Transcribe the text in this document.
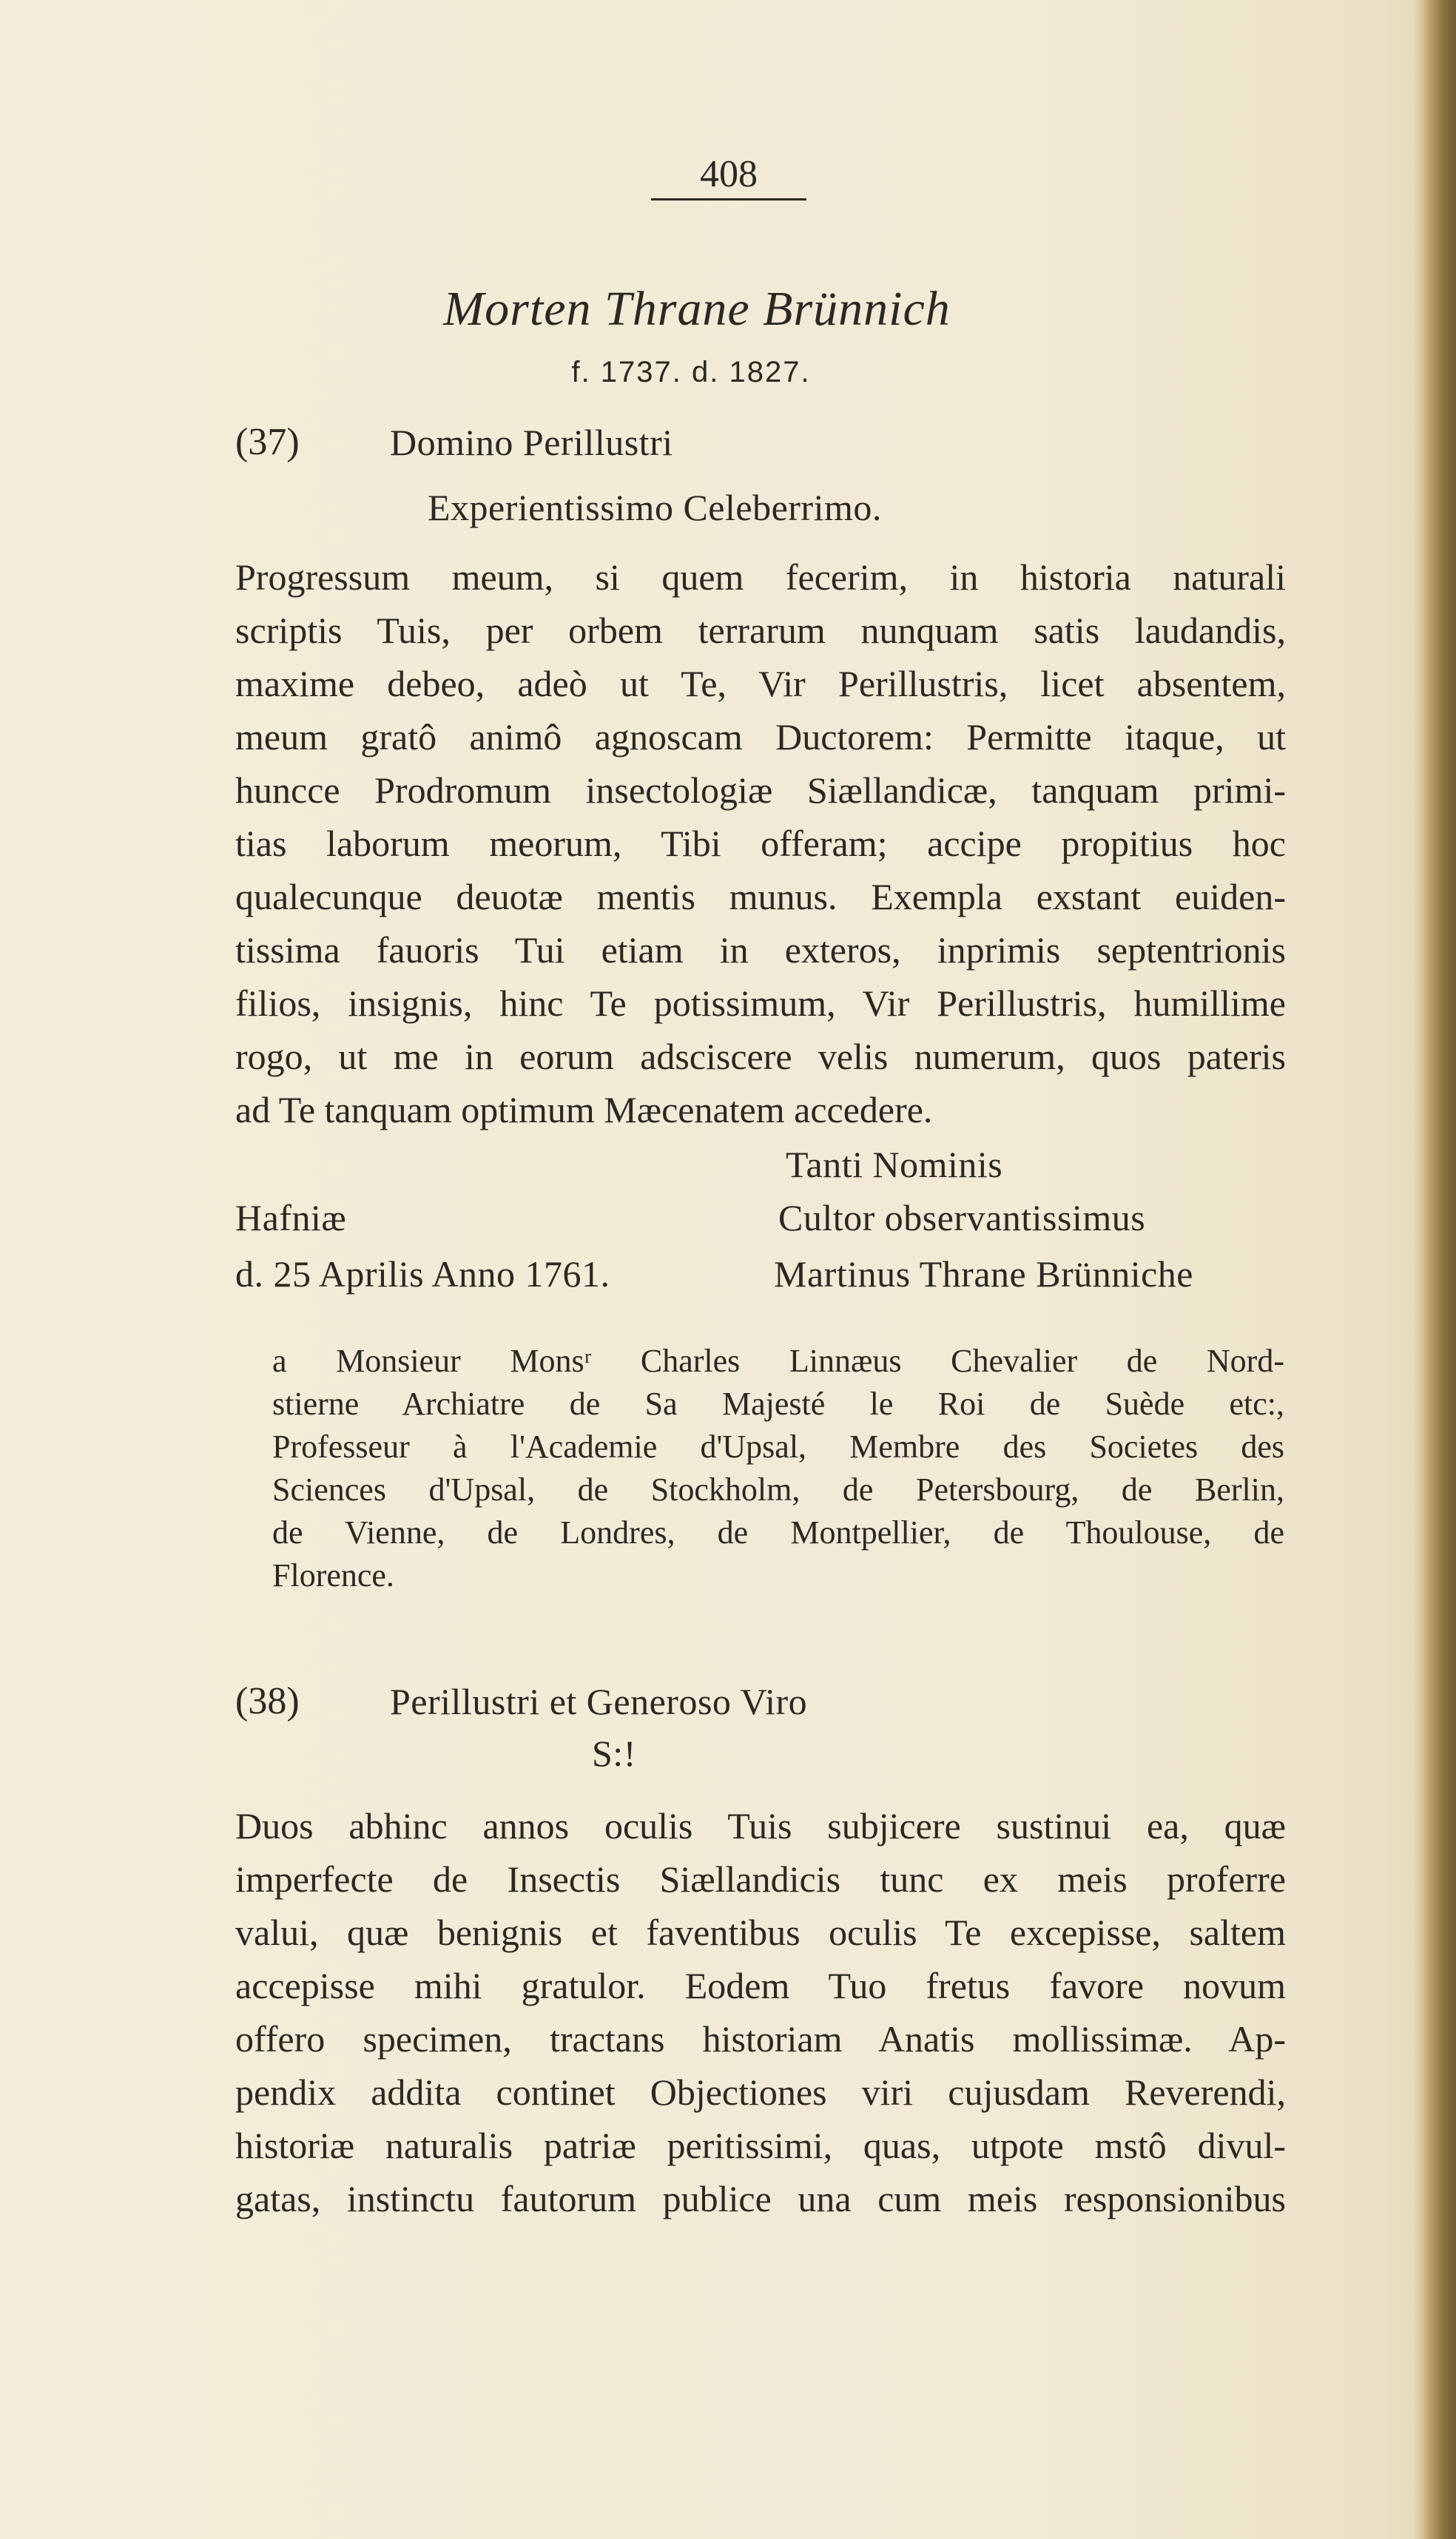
408
Morten Thrane Brünnich
f. 1737. d. 1827.
(37) Domino Perillustri
Experientissimo Celeberrimo.
Progressum meum, si quem fecerim, in historia naturali
scriptis Tuis, per orbem terrarum nunquam satis laudandis,
maxime debeo, adeò ut Te, Vir Perillustris, licet absentem,
meum gratô animô agnoscam Ductorem: Permitte itaque, ut
huncce Prodromum insectologiæ Siællandicæ, tanquam primi-
tias laborum meorum, Tibi offeram; accipe propitius hoc
qualecunque deuotæ mentis munus. Exempla exstant euiden-
tissima fauoris Tui etiam in exteros, inprimis septentrionis
filios, insignis, hinc Te potissimum, Vir Perillustris, humillime
rogo, ut me in eorum adsciscere velis numerum, quos pateris
ad Te tanquam optimum Mæcenatem accedere.
Tanti Nominis
Hafniæ	Cultor observantissimus
d. 25 Aprilis Anno 1761.	Martinus Thrane Brünniche
a Monsieur Monsʳ Charles Linnæus Chevalier de Nord-
stierne Archiatre de Sa Majesté le Roi de Suède etc:,
Professeur à l'Academie d'Upsal, Membre des Societes des
Sciences d'Upsal, de Stockholm, de Petersbourg, de Berlin,
de Vienne, de Londres, de Montpellier, de Thoulouse, de
Florence.
(38) Perillustri et Generoso Viro
S:!
Duos abhinc annos oculis Tuis subjicere sustinui ea, quæ
imperfecte de Insectis Siællandicis tunc ex meis proferre
valui, quæ benignis et faventibus oculis Te excepisse, saltem
accepisse mihi gratulor. Eodem Tuo fretus favore novum
offero specimen, tractans historiam Anatis mollissimæ. Ap-
pendix addita continet Objectiones viri cujusdam Reverendi,
historiæ naturalis patriæ peritissimi, quas, utpote mstô divul-
gatas, instinctu fautorum publice una cum meis responsionibus
